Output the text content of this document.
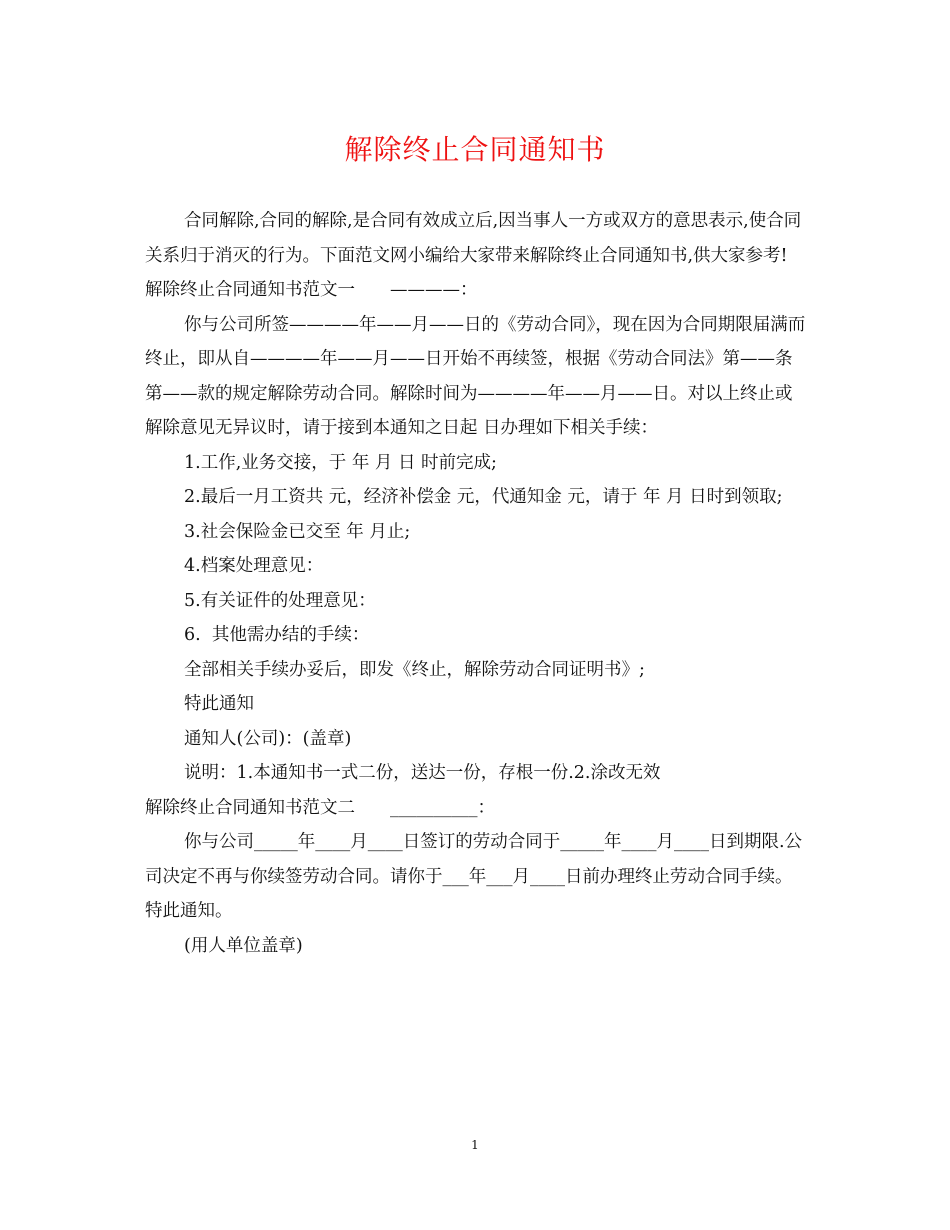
解除终止合同通知书

合同解除,合同的解除,是合同有效成立后,因当事人一方或双方的意思表示,使合同关系归于消灭的行为。下面范文网小编给大家带来解除终止合同通知书,供大家参考!

解除终止合同通知书范文一　　————：

你与公司所签————年——月——日的《劳动合同》，现在因为合同期限届满而终止，即从自————年——月——日开始不再续签，根据《劳动合同法》第——条第——款的规定解除劳动合同。解除时间为————年——月——日。对以上终止或解除意见无异议时，请于接到本通知之日起 日办理如下相关手续：

1.工作,业务交接，于 年 月 日 时前完成;

2.最后一月工资共 元，经济补偿金 元，代通知金 元，请于 年 月 日时到领取;

3.社会保险金已交至 年 月止;

4.档案处理意见：

5.有关证件的处理意见：

6.  其他需办结的手续：

全部相关手续办妥后，即发《终止，解除劳动合同证明书》;

特此通知

通知人(公司)：(盖章)

说明：1.本通知书一式二份，送达一份，存根一份.2.涂改无效

解除终止合同通知书范文二　　__________：

你与公司_____年____月____日签订的劳动合同于_____年____月____日到期限.公司决定不再与你续签劳动合同。请你于___年___月____日前办理终止劳动合同手续。 特此通知。

(用人单位盖章)

1
